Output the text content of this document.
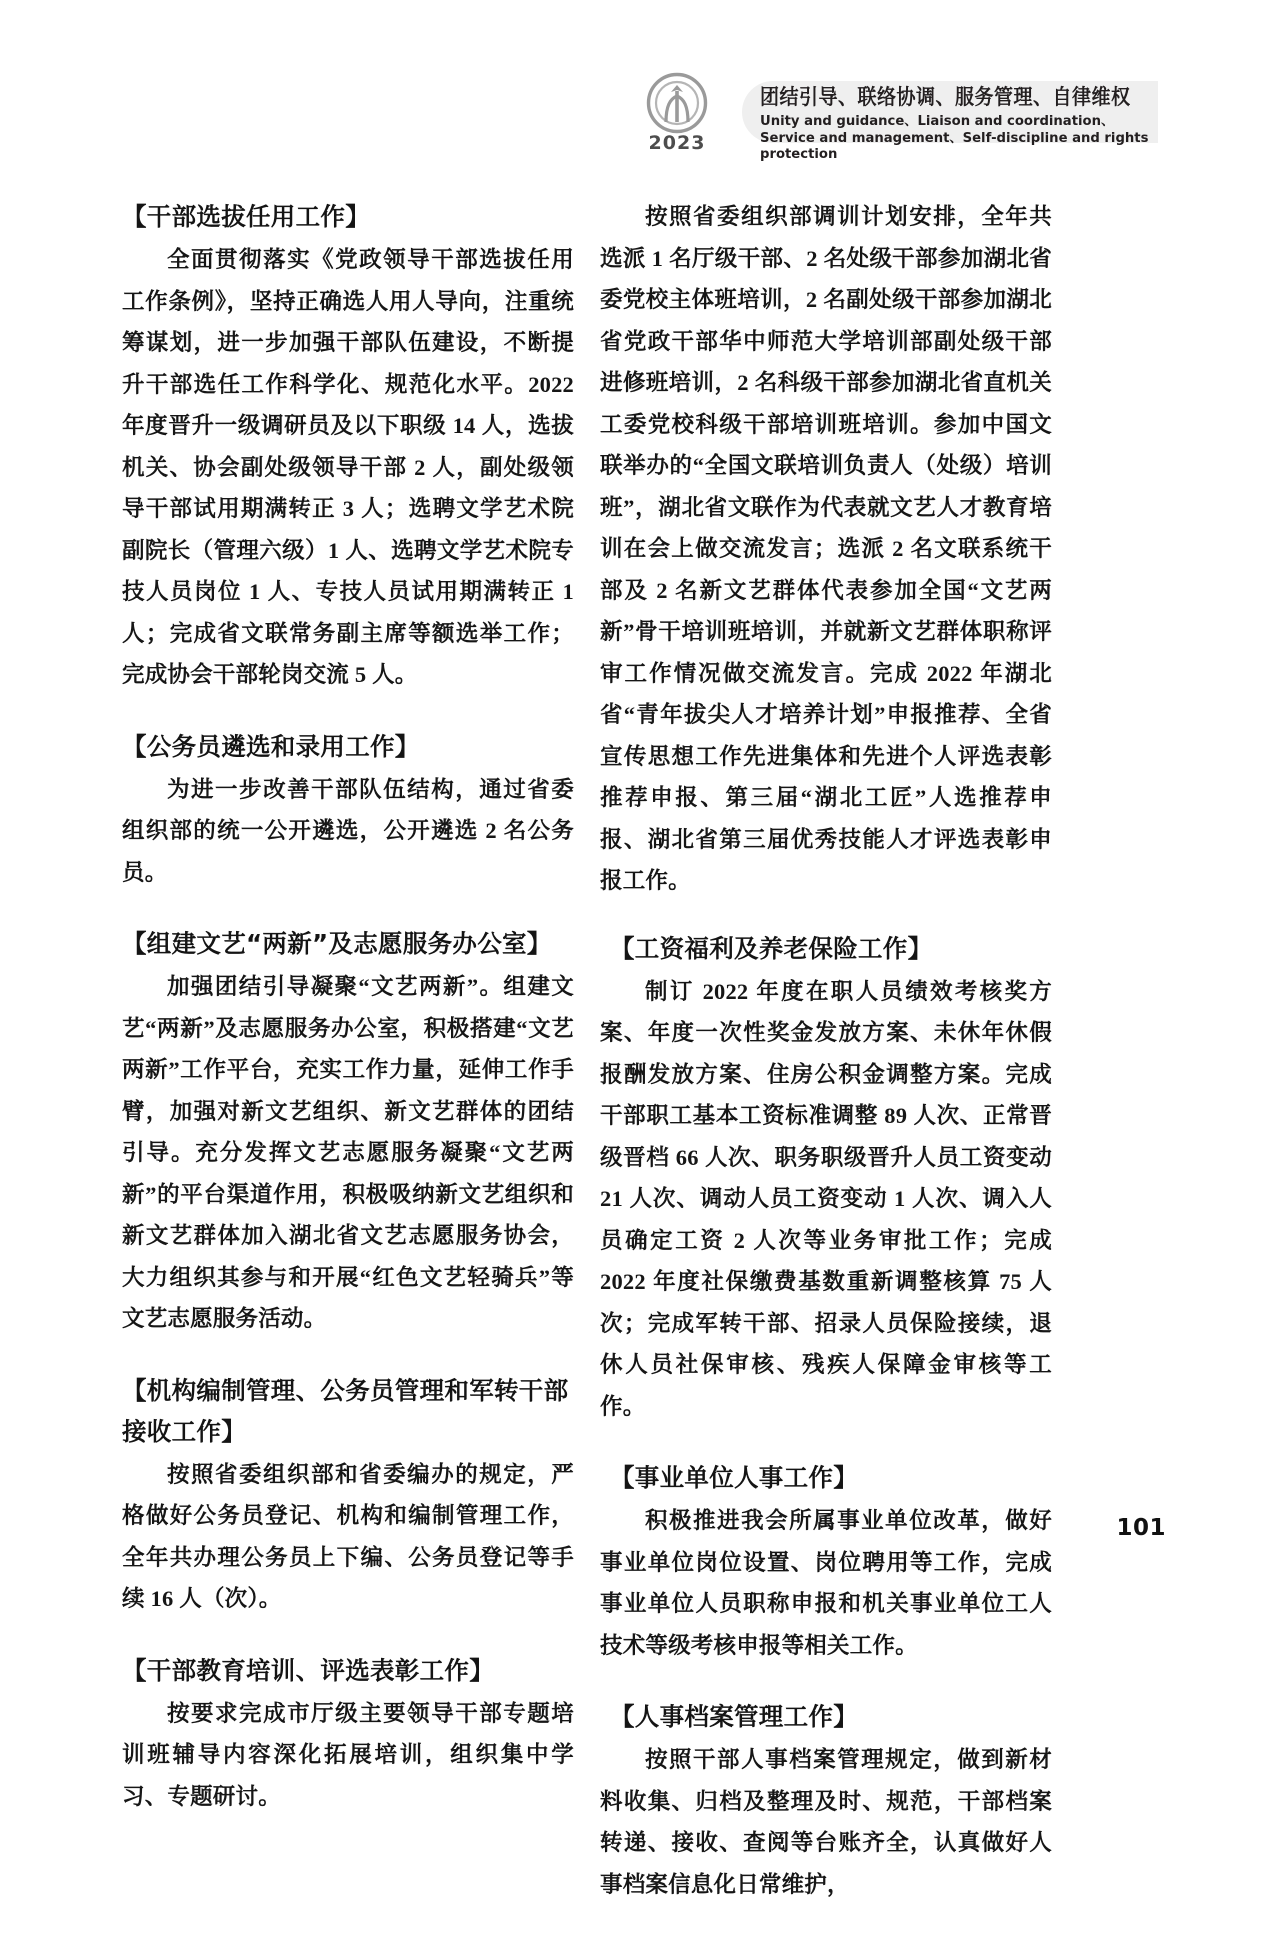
2023
团结引导、联络协调、服务管理、自律维权
Unity and guidance、Liaison and coordination、Service and management、Self-discipline and rights protection
【干部选拔任用工作】

全面贯彻落实《党政领导干部选拔任用工作条例》，坚持正确选人用人导向，注重统筹谋划，进一步加强干部队伍建设，不断提升干部选任工作科学化、规范化水平。2022 年度晋升一级调研员及以下职级 14 人，选拔机关、协会副处级领导干部 2 人，副处级领导干部试用期满转正 3 人；选聘文学艺术院副院长（管理六级）1 人、选聘文学艺术院专技人员岗位 1 人、专技人员试用期满转正 1 人；完成省文联常务副主席等额选举工作；完成协会干部轮岗交流 5 人。

【公务员遴选和录用工作】

为进一步改善干部队伍结构，通过省委组织部的统一公开遴选，公开遴选 2 名公务员。

【组建文艺“两新”及志愿服务办公室】

加强团结引导凝聚“文艺两新”。组建文艺“两新”及志愿服务办公室，积极搭建“文艺两新”工作平台，充实工作力量，延伸工作手臂，加强对新文艺组织、新文艺群体的团结引导。充分发挥文艺志愿服务凝聚“文艺两新”的平台渠道作用，积极吸纳新文艺组织和新文艺群体加入湖北省文艺志愿服务协会，大力组织其参与和开展“红色文艺轻骑兵”等文艺志愿服务活动。

【机构编制管理、公务员管理和军转干部接收工作】

按照省委组织部和省委编办的规定，严格做好公务员登记、机构和编制管理工作，全年共办理公务员上下编、公务员登记等手续 16 人（次）。

【干部教育培训、评选表彰工作】

按要求完成市厅级主要领导干部专题培训班辅导内容深化拓展培训，组织集中学习、专题研讨。

按照省委组织部调训计划安排，全年共选派 1 名厅级干部、2 名处级干部参加湖北省委党校主体班培训，2 名副处级干部参加湖北省党政干部华中师范大学培训部副处级干部进修班培训，2 名科级干部参加湖北省直机关工委党校科级干部培训班培训。参加中国文联举办的“全国文联培训负责人（处级）培训班”，湖北省文联作为代表就文艺人才教育培训在会上做交流发言；选派 2 名文联系统干部及 2 名新文艺群体代表参加全国“文艺两新”骨干培训班培训，并就新文艺群体职称评审工作情况做交流发言。完成 2022 年湖北省“青年拔尖人才培养计划”申报推荐、全省宣传思想工作先进集体和先进个人评选表彰推荐申报、第三届“湖北工匠”人选推荐申报、湖北省第三届优秀技能人才评选表彰申报工作。

【工资福利及养老保险工作】

制订 2022 年度在职人员绩效考核奖方案、年度一次性奖金发放方案、未休年休假报酬发放方案、住房公积金调整方案。完成干部职工基本工资标准调整 89 人次、正常晋级晋档 66 人次、职务职级晋升人员工资变动 21 人次、调动人员工资变动 1 人次、调入人员确定工资 2 人次等业务审批工作；完成 2022 年度社保缴费基数重新调整核算 75 人次；完成军转干部、招录人员保险接续，退休人员社保审核、残疾人保障金审核等工作。

【事业单位人事工作】

积极推进我会所属事业单位改革，做好事业单位岗位设置、岗位聘用等工作，完成事业单位人员职称申报和机关事业单位工人技术等级考核申报等相关工作。

【人事档案管理工作】

按照干部人事档案管理规定，做到新材料收集、归档及整理及时、规范，干部档案转递、接收、查阅等台账齐全，认真做好人事档案信息化日常维护，

101
